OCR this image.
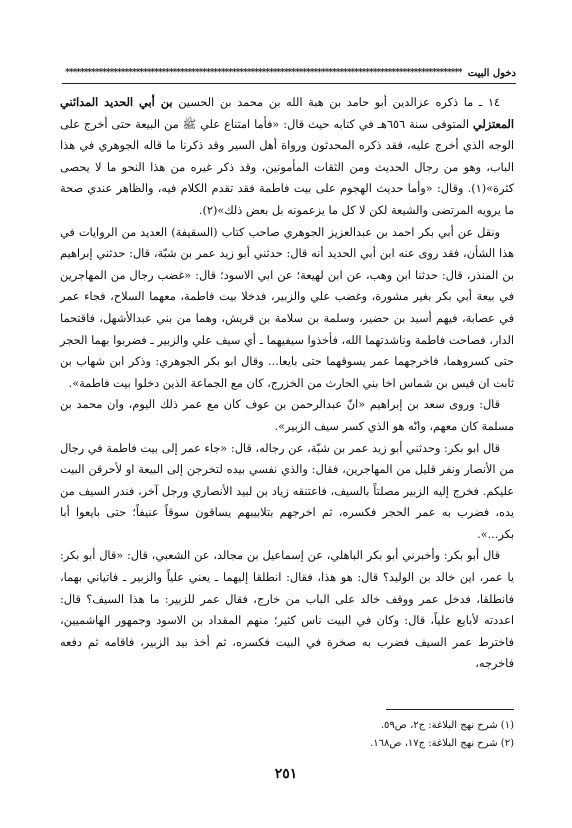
دخول البيت
***********************************************************************************************************

١٤ ـ ما ذكره عزالدين أبو حامد بن هبة الله بن محمد بن الحسين بن أبي الحديد المدائني المعتزلي المتوفى سنة ٦٥٦هـ في كتابه حيث قال: «فأما امتناع علي ﷺ من البيعة حتى أخرج على الوجه الذي أخرج عليه، فقد ذكره المحدثون ورواة أهل السير وقد ذكرنا ما قاله الجوهري في هذا الباب، وهو من رجال الحديث ومن الثقات المأمونين، وقد ذكر غيره من هذا النحو ما لا يحصى كثرة»(١). وقال: «وأما حديث الهجوم على بيت فاطمة فقد تقدم الكلام فيه، والظاهر عندي صحة ما يرويه المرتضى والشيعة لكن لا كل ما يزعمونه بل بعض ذلك»(٢).

ونقل عن أبي بكر احمد بن عبدالعزيز الجوهري صاحب كتاب (السقيفة) العديد من الروايات في هذا الشأن، فقد روى عنه ابن أبي الحديد أنه قال: حدثني أبو زيد عمر بن شبّة، قال: حدثني إبراهيم بن المنذر، قال: حدثنا ابن وهب، عن ابن لهيعة؛ عن ابي الاسود؛ قال: «غضب رجال من المهاجرين في بيعة أبي بكر بغير مشورة، وغضب علي والزبير، فدخلا بيت فاطمة، معهما السلاح، فجاء عمر في عصابة، فيهم أسيد بن حضير، وسلمة بن سلامة بن قريش، وهما من بني عبدالأشهل، فاقتحما الدار، فصاحت فاطمة وناشدتهما الله، فأخذوا سيفيهما ـ أي سيف علي والزبير ـ فضربوا بهما الحجر حتى كسروهما، فاخرجهما عمر يسوقهما حتى بايعا... وقال ابو بكر الجوهري: وذكر ابن شهاب بن ثابت ان قيس بن شماس اخا بني الحارث من الخزرج، كان مع الجماعة الذين دخلوا بيت فاطمة».

قال: وروى سعد بن إبراهيم «انّ عبدالرحمن بن عوف كان مع عمر ذلك اليوم، وان محمد بن مسلمة كان معهم، وانّه هو الذي كسر سيف الزبير».

قال ابو بكر: وحدثني أبو زيد عمر بن شبّة، عن رجاله، قال: «جاء عمر إلى بيت فاطمة في رجال من الأنصار ونفر قليل من المهاجرين، فقال: والذي نفسي بيده لتخرجن إلى البيعة او لأحرقن البيت عليكم. فخرج إليه الزبير مصلتاً بالسيف، فاعتنقه زياد بن لبيد الأنصاري ورجل آخر، فندر السيف من يده، فضرب به عمر الحجر فكسره، ثم اخرجهم بتلابيبهم يساقون سوقاً عنيفاً؛ حتى بايعوا أبا بكر...».

قال أبو بكر: وأخبرني أبو بكر الباهلي، عن إسماعيل بن مجالد، عن الشعبي، قال: «قال أبو بكر: يا عمر، اين خالد بن الوليد؟ قال: هو هذا، فقال: انطلقا إليهما ـ يعني علياً والزبير ـ فاتياني بهما، فانطلقا، فدخل عمر ووقف خالد على الباب من خارج، فقال عمر للزبير: ما هذا السيف؟ قال: اعددته لأبايع علياً، قال: وكان في البيت ناس كثير؛ منهم المقداد بن الاسود وجمهور الهاشميين، فاخترط عمر السيف فضرب به صخرة في البيت فكسره، ثم أخذ بيد الزبير، فاقامه ثم دفعه فاخرجه،

(١) شرح نهج البلاغة: ج٢، ص٥٩.
(٢) شرح نهج البلاغة: ج١٧، ص١٦٨.
٢٥١
